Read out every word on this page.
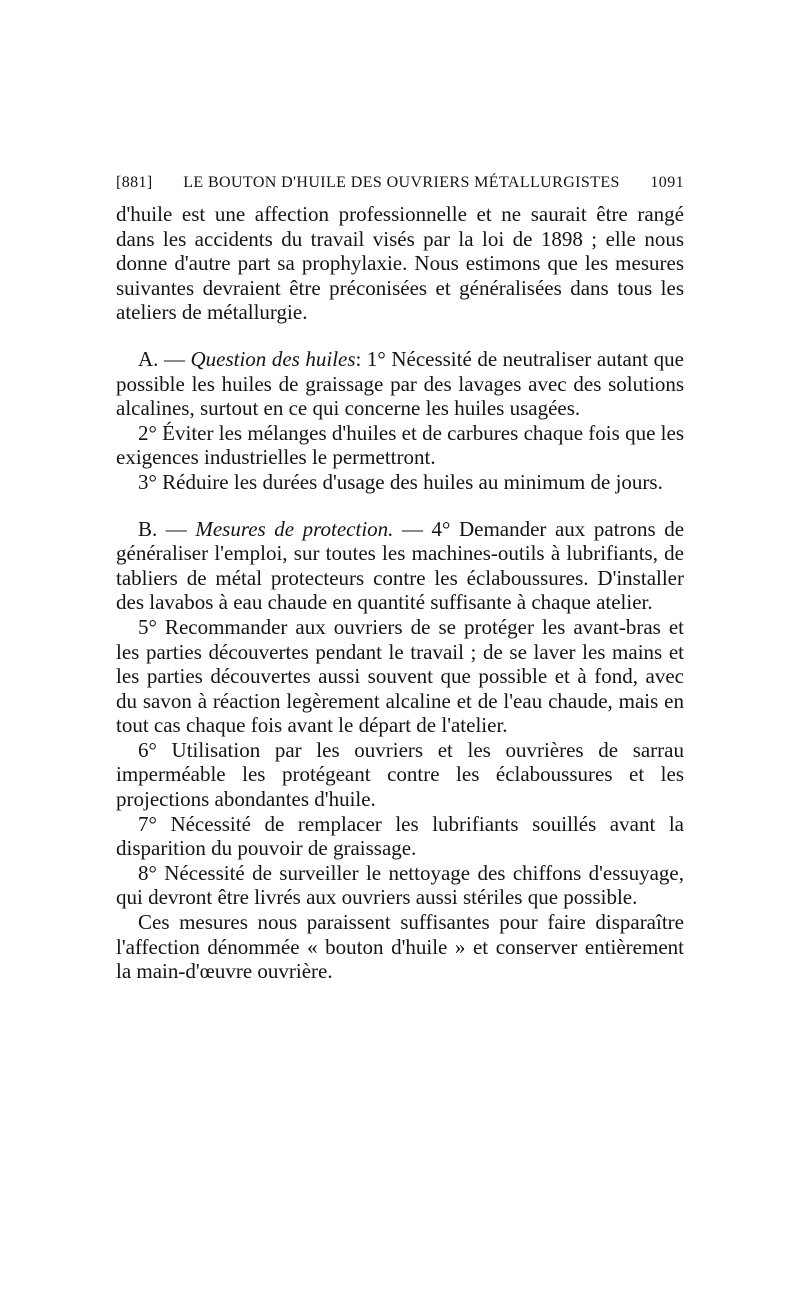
[881]	LE BOUTON D'HUILE DES OUVRIERS MÉTALLURGISTES	1091

d'huile est une affection professionnelle et ne saurait être rangé dans les accidents du travail visés par la loi de 1898 ; elle nous donne d'autre part sa prophylaxie. Nous estimons que les mesures suivantes devraient être préconisées et généralisées dans tous les ateliers de métallurgie.

A. — Question des huiles: 1° Nécessité de neutraliser autant que possible les huiles de graissage par des lavages avec des solutions alcalines, surtout en ce qui concerne les huiles usagées.

2° Éviter les mélanges d'huiles et de carbures chaque fois que les exigences industrielles le permettront.

3° Réduire les durées d'usage des huiles au minimum de jours.

B. — Mesures de protection. — 4° Demander aux patrons de généraliser l'emploi, sur toutes les machines-outils à lubrifiants, de tabliers de métal protecteurs contre les éclaboussures. D'installer des lavabos à eau chaude en quantité suffisante à chaque atelier.

5° Recommander aux ouvriers de se protéger les avant-bras et les parties découvertes pendant le travail ; de se laver les mains et les parties découvertes aussi souvent que possible et à fond, avec du savon à réaction legèrement alcaline et de l'eau chaude, mais en tout cas chaque fois avant le départ de l'atelier.

6° Utilisation par les ouvriers et les ouvrières de sarrau imperméable les protégeant contre les éclaboussures et les projections abondantes d'huile.

7° Nécessité de remplacer les lubrifiants souillés avant la disparition du pouvoir de graissage.

8° Nécessité de surveiller le nettoyage des chiffons d'essuyage, qui devront être livrés aux ouvriers aussi stériles que possible.

Ces mesures nous paraissent suffisantes pour faire disparaître l'affection dénommée « bouton d'huile » et conserver entièrement la main-d'œuvre ouvrière.
